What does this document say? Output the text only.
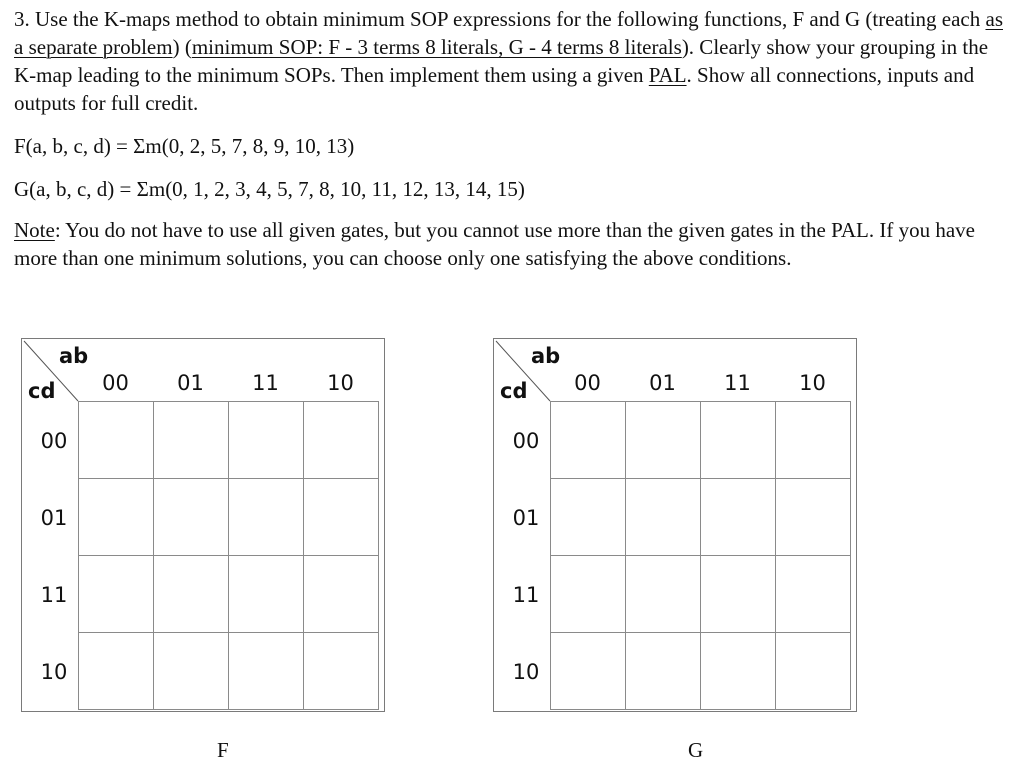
3. Use the K-maps method to obtain minimum SOP expressions for the following functions, F and G (treating each as a separate problem) (minimum SOP: F - 3 terms 8 literals, G - 4 terms 8 literals). Clearly show your grouping in the K-map leading to the minimum SOPs. Then implement them using a given PAL. Show all connections, inputs and outputs for full credit.

F(a, b, c, d) = Σm(0, 2, 5, 7, 8, 9, 10, 13)

G(a, b, c, d) = Σm(0, 1, 2, 3, 4, 5, 7, 8, 10, 11, 12, 13, 14, 15)

Note: You do not have to use all given gates, but you cannot use more than the given gates in the PAL. If you have more than one minimum solutions, you can choose only one satisfying the above conditions.

ab
cd	00	01	11	10
00
01
11
10

ab
cd	00	01	11	10
00
01
11
10

F	G
